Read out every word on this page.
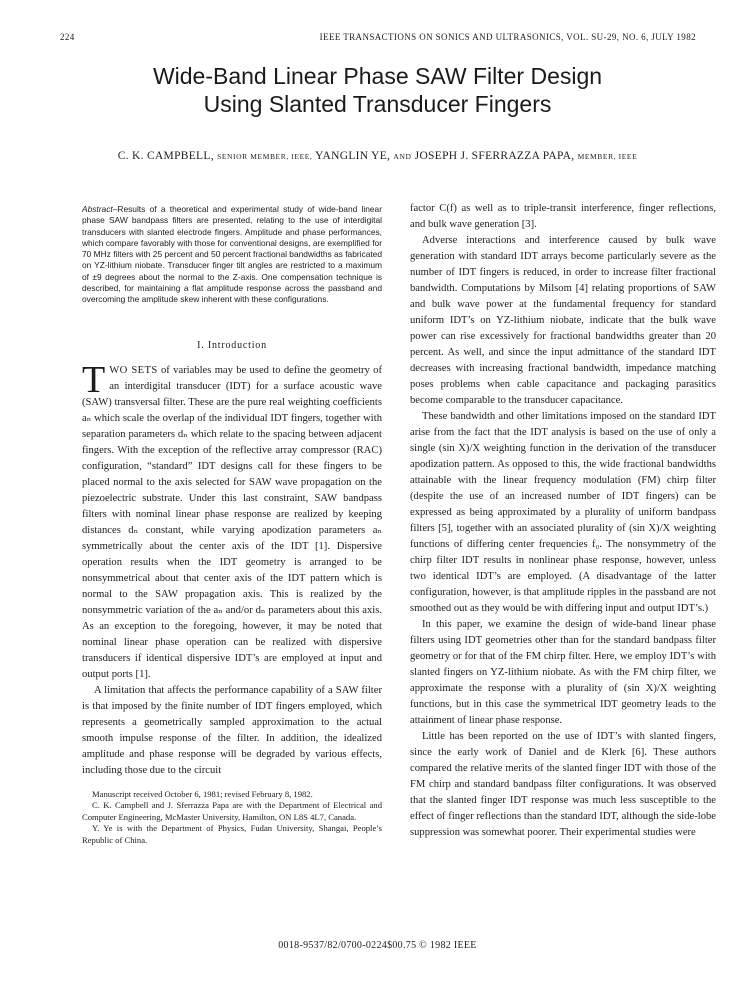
224	IEEE TRANSACTIONS ON SONICS AND ULTRASONICS, VOL. SU-29, NO. 6, JULY 1982
Wide-Band Linear Phase SAW Filter Design
Using Slanted Transducer Fingers
C. K. CAMPBELL, SENIOR MEMBER, IEEE, YANGLIN YE, AND JOSEPH J. SFERRAZZA PAPA, MEMBER, IEEE
Abstract–Results of a theoretical and experimental study of wide-band linear phase SAW bandpass filters are presented, relating to the use of interdigital transducers with slanted electrode fingers. Amplitude and phase performances, which compare favorably with those for conventional designs, are exemplified for 70 MHz filters with 25 percent and 50 percent fractional bandwidths as fabricated on YZ-lithium niobate. Transducer finger tilt angles are restricted to a maximum of ±9 degrees about the normal to the Z-axis. One compensation technique is described, for maintaining a flat amplitude response across the passband and overcoming the amplitude skew inherent with these configurations.
I. Introduction

TWO SETS of variables may be used to define the geometry of an interdigital transducer (IDT) for a surface acoustic wave (SAW) transversal filter. These are the pure real weighting coefficients aₙ which scale the overlap of the individual IDT fingers, together with separation parameters dₙ which relate to the spacing between adjacent fingers. With the exception of the reflective array compressor (RAC) configuration, “standard” IDT designs call for these fingers to be placed normal to the axis selected for SAW wave propagation on the piezoelectric substrate. Under this last constraint, SAW bandpass filters with nominal linear phase response are realized by keeping distances dₙ constant, while varying apodization parameters aₙ symmetrically about the center axis of the IDT [1]. Dispersive operation results when the IDT geometry is arranged to be nonsymmetrical about that center axis of the IDT pattern which is normal to the SAW propagation axis. This is realized by the nonsymmetric variation of the aₙ and/or dₙ parameters about this axis. As an exception to the foregoing, however, it may be noted that nominal linear phase operation can be realized with dispersive transducers if identical dispersive IDT’s are employed at input and output ports [1].

A limitation that affects the performance capability of a SAW filter is that imposed by the finite number of IDT fingers employed, which represents a geometrically sampled approximation to the actual smooth impulse response of the filter. In addition, the idealized amplitude and phase response will be degraded by various effects, including those due to the circuit

Manuscript received October 6, 1981; revised February 8, 1982.

C. K. Campbell and J. Sferrazza Papa are with the Department of Electrical and Computer Engineering, McMaster University, Hamilton, ON L8S 4L7, Canada.

Y. Ye is with the Department of Physics, Fudan University, Shangai, People’s Republic of China.

factor C(f) as well as to triple-transit interference, finger reflections, and bulk wave generation [3].

Adverse interactions and interference caused by bulk wave generation with standard IDT arrays become particularly severe as the number of IDT fingers is reduced, in order to increase filter fractional bandwidth. Computations by Milsom [4] relating proportions of SAW and bulk wave power at the fundamental frequency for standard uniform IDT’s on YZ-lithium niobate, indicate that the bulk wave power can rise excessively for fractional bandwidths greater than 20 percent. As well, and since the input admittance of the standard IDT decreases with increasing fractional bandwidth, impedance matching poses problems when cable capacitance and packaging parasitics become comparable to the transducer capacitance.

These bandwidth and other limitations imposed on the standard IDT arise from the fact that the IDT analysis is based on the use of only a single (sin X)/X weighting function in the derivation of the transducer apodization pattern. As opposed to this, the wide fractional bandwidths attainable with the linear frequency modulation (FM) chirp filter (despite the use of an increased number of IDT fingers) can be expressed as being approximated by a plurality of uniform bandpass filters [5], together with an associated plurality of (sin X)/X weighting functions of differing center frequencies f₀. The nonsymmetry of the chirp filter IDT results in nonlinear phase response, however, unless two identical IDT’s are employed. (A disadvantage of the latter configuration, however, is that amplitude ripples in the passband are not smoothed out as they would be with differing input and output IDT’s.)

In this paper, we examine the design of wide-band linear phase filters using IDT geometries other than for the standard bandpass filter geometry or for that of the FM chirp filter. Here, we employ IDT’s with slanted fingers on YZ-lithium niobate. As with the FM chirp filter, we approximate the response with a plurality of (sin X)/X weighting functions, but in this case the symmetrical IDT geometry leads to the attainment of linear phase response.

Little has been reported on the use of IDT’s with slanted fingers, since the early work of Daniel and de Klerk [6]. These authors compared the relative merits of the slanted finger IDT with those of the FM chirp and standard bandpass filter configurations. It was observed that the slanted finger IDT response was much less susceptible to the effect of finger reflections than the standard IDT, although the side-lobe suppression was somewhat poorer. Their experimental studies were

0018-9537/82/0700-0224$00.75 © 1982 IEEE
